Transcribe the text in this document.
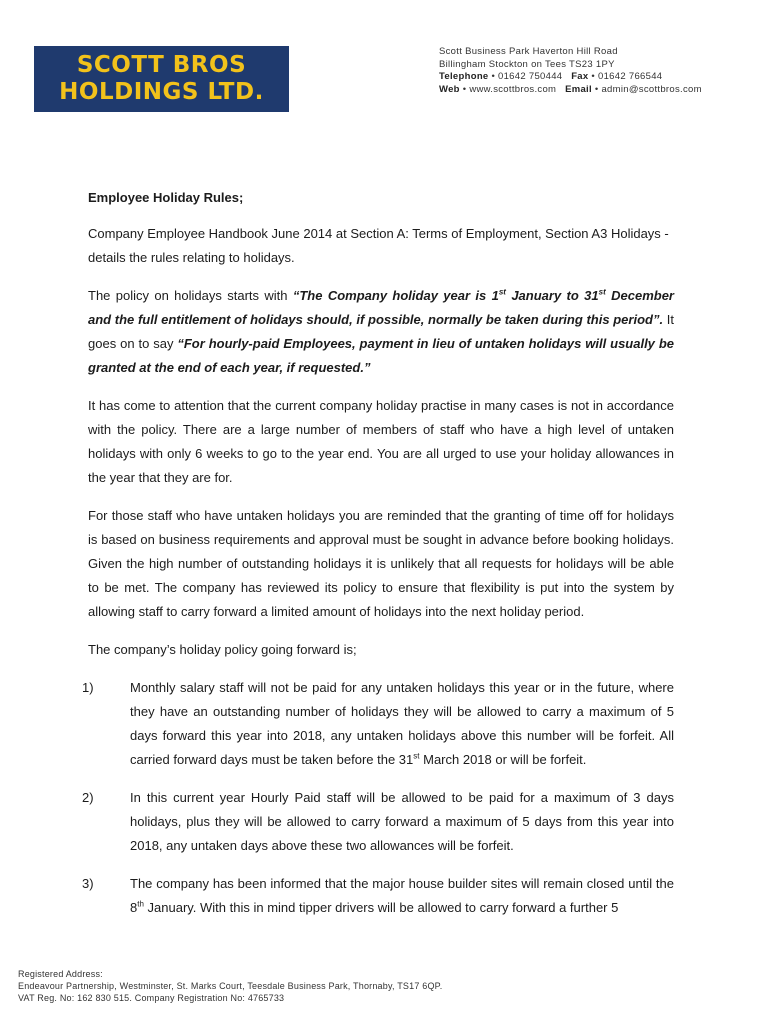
SCOTT BROS
HOLDINGS LTD.
Scott Business Park Haverton Hill Road
Billingham Stockton on Tees TS23 1PY
Telephone • 01642 750444 Fax • 01642 766544
Web • www.scottbros.com Email • admin@scottbros.com

Employee Holiday Rules;

Company Employee Handbook June 2014 at Section A: Terms of Employment, Section A3 Holidays - details the rules relating to holidays.

The policy on holidays starts with “The Company holiday year is 1st January to 31st December and the full entitlement of holidays should, if possible, normally be taken during this period”. It goes on to say “For hourly-paid Employees, payment in lieu of untaken holidays will usually be granted at the end of each year, if requested.”

It has come to attention that the current company holiday practise in many cases is not in accordance with the policy. There are a large number of members of staff who have a high level of untaken holidays with only 6 weeks to go to the year end. You are all urged to use your holiday allowances in the year that they are for.

For those staff who have untaken holidays you are reminded that the granting of time off for holidays is based on business requirements and approval must be sought in advance before booking holidays. Given the high number of outstanding holidays it is unlikely that all requests for holidays will be able to be met. The company has reviewed its policy to ensure that flexibility is put into the system by allowing staff to carry forward a limited amount of holidays into the next holiday period.

The company’s holiday policy going forward is;

1)	Monthly salary staff will not be paid for any untaken holidays this year or in the future, where they have an outstanding number of holidays they will be allowed to carry a maximum of 5 days forward this year into 2018, any untaken holidays above this number will be forfeit. All carried forward days must be taken before the 31st March 2018 or will be forfeit.
2)	In this current year Hourly Paid staff will be allowed to be paid for a maximum of 3 days holidays, plus they will be allowed to carry forward a maximum of 5 days from this year into 2018, any untaken days above these two allowances will be forfeit.
3)	The company has been informed that the major house builder sites will remain closed until the 8th January. With this in mind tipper drivers will be allowed to carry forward a further 5
Registered Address:
Endeavour Partnership, Westminster, St. Marks Court, Teesdale Business Park, Thornaby, TS17 6QP.
VAT Reg. No: 162 830 515. Company Registration No: 4765733
